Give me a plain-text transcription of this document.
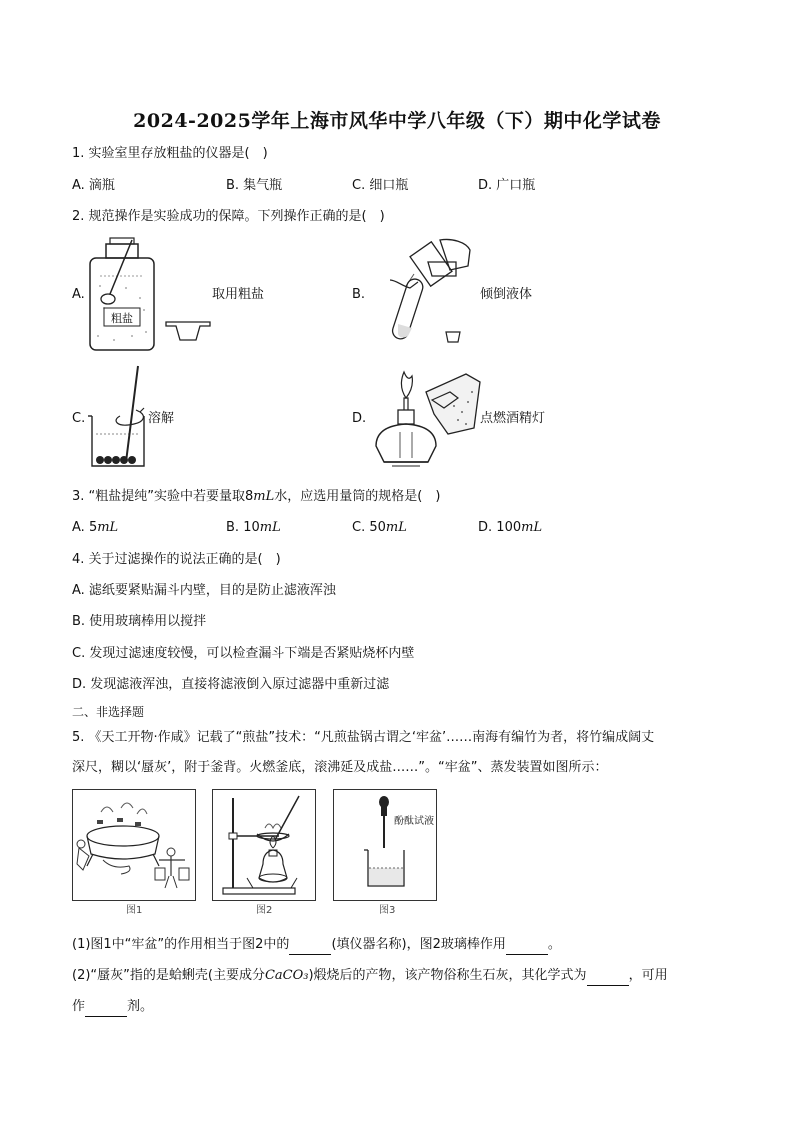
2024-2025学年上海市风华中学八年级（下）期中化学试卷
1. 实验室里存放粗盐的仪器是(　)
A. 滴瓶	B. 集气瓶	C. 细口瓶	D. 广口瓶
2. 规范操作是实验成功的保障。下列操作正确的是(　)
A.
粗盐
取用粗盐	B.	倾倒液体
C.	溶解	D.	点燃酒精灯
3. “粗盐提纯”实验中若要量取8mL水，应选用量筒的规格是(　)
A. 5mL	B. 10mL	C. 50mL	D. 100mL
4. 关于过滤操作的说法正确的是(　)
A. 滤纸要紧贴漏斗内壁，目的是防止滤液浑浊
B. 使用玻璃棒用以搅拌
C. 发现过滤速度较慢，可以检查漏斗下端是否紧贴烧杯内壁
D. 发现滤液浑浊，直接将滤液倒入原过滤器中重新过滤
二、非选择题
5. 《天工开物·作咸》记载了“煎盐”技术：“凡煎盐锅古谓之‘牢盆’……南海有编竹为者，将竹编成阔丈
深尺，糊以‘蜃灰’，附于釜背。火燃釜底，滚沸延及成盐……”。“牢盆”、蒸发装置如图所示：
图1	图2
酚酞试液
图3
(1)图1中“牢盆”的作用相当于图2中的	(填仪器名称)，图2玻璃棒作用	。
(2)“蜃灰”指的是蛤蜊壳(主要成分CaCO₃)煅烧后的产物，该产物俗称生石灰，其化学式为	，可用
作	剂。
